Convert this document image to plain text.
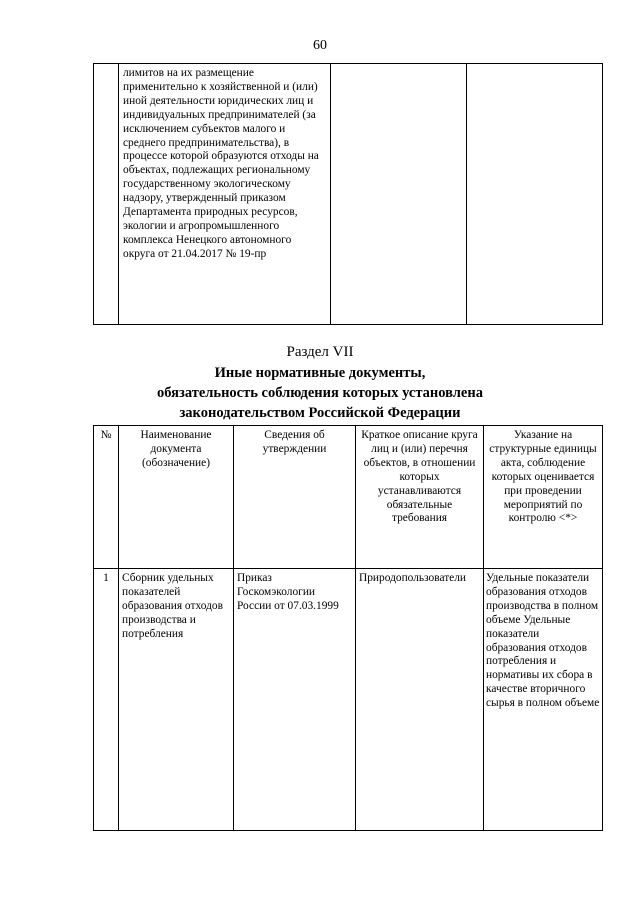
60
	лимитов на их размещение применительно к хозяйственной и (или) иной деятельности юридических лиц и индивидуальных предпринимателей (за исключением субъектов малого и среднего предпринимательства), в процессе которой образуются отходы на объектах, подлежащих региональному государственному экологическому надзору, утвержденный приказом Департамента природных ресурсов, экологии и агропромышленного комплекса Ненецкого автономного округа от 21.04.2017 № 19-пр		
Раздел VII
Иные нормативные документы,
обязательность соблюдения которых установлена
законодательством Российской Федерации
№	Наименование документа (обозначение)	Сведения об утверждении	Краткое описание круга лиц и (или) перечня объектов, в отношении которых устанавливаются обязательные требования	Указание на структурные единицы акта, соблюдение которых оценивается при проведении мероприятий по контролю <*>
1	Сборник удельных показателей образования отходов производства и потребления	Приказ Госкомэкологии России от 07.03.1999	Природопользователи	Удельные показатели образования отходов производства в полном объеме Удельные показатели образования отходов потребления и нормативы их сбора в качестве вторичного сырья в полном объеме
